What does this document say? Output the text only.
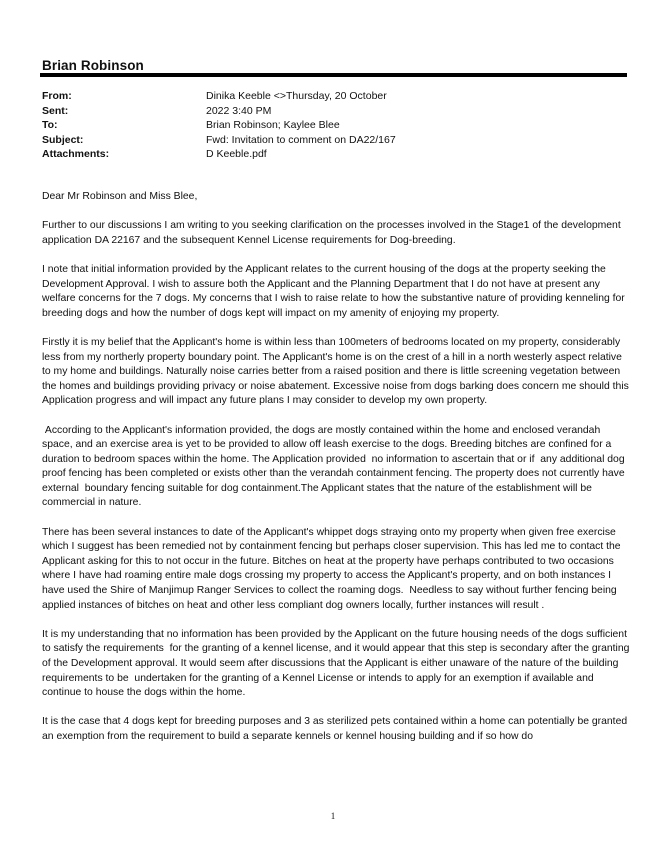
Brian Robinson
From:	Dinika Keeble <>Thursday, 20 October
Sent:	2022 3:40 PM
To:	Brian Robinson; Kaylee Blee
Subject:	Fwd: Invitation to comment on DA22/167
Attachments:	D Keeble.pdf

Dear Mr Robinson and Miss Blee,

Further to our discussions I am writing to you seeking clarification on the processes involved in the Stage1 of the development application DA 22167 and the subsequent Kennel License requirements for Dog-breeding.

I note that initial information provided by the Applicant relates to the current housing of the dogs at the property seeking the Development Approval. I wish to assure both the Applicant and the Planning Department that I do not have at present any welfare concerns for the 7 dogs. My concerns that I wish to raise relate to how the substantive nature of providing kenneling for breeding dogs and how the number of dogs kept will impact on my amenity of enjoying my property.

Firstly it is my belief that the Applicant's home is within less than 100meters of bedrooms located on my property, considerably less from my northerly property boundary point. The Applicant's home is on the crest of a hill in a north westerly aspect relative to my home and buildings. Naturally noise carries better from a raised position and there is little screening vegetation between the homes and buildings providing privacy or noise abatement. Excessive noise from dogs barking does concern me should this Application progress and will impact any future plans I may consider to develop my own property.

According to the Applicant's information provided, the dogs are mostly contained within the home and enclosed verandah space, and an exercise area is yet to be provided to allow off leash exercise to the dogs. Breeding bitches are confined for a duration to bedroom spaces within the home. The Application provided  no information to ascertain that or if  any additional dog proof fencing has been completed or exists other than the verandah containment fencing. The property does not currently have external  boundary fencing suitable for dog containment.The Applicant states that the nature of the establishment will be commercial in nature.

There has been several instances to date of the Applicant's whippet dogs straying onto my property when given free exercise which I suggest has been remedied not by containment fencing but perhaps closer supervision. This has led me to contact the Applicant asking for this to not occur in the future. Bitches on heat at the property have perhaps contributed to two occasions where I have had roaming entire male dogs crossing my property to access the Applicant's property, and on both instances I have used the Shire of Manjimup Ranger Services to collect the roaming dogs.  Needless to say without further fencing being applied instances of bitches on heat and other less compliant dog owners locally, further instances will result .

It is my understanding that no information has been provided by the Applicant on the future housing needs of the dogs sufficient to satisfy the requirements  for the granting of a kennel license, and it would appear that this step is secondary after the granting of the Development approval. It would seem after discussions that the Applicant is either unaware of the nature of the building requirements to be  undertaken for the granting of a Kennel License or intends to apply for an exemption if available and continue to house the dogs within the home.

It is the case that 4 dogs kept for breeding purposes and 3 as sterilized pets contained within a home can potentially be granted an exemption from the requirement to build a separate kennels or kennel housing building and if so how do

1
